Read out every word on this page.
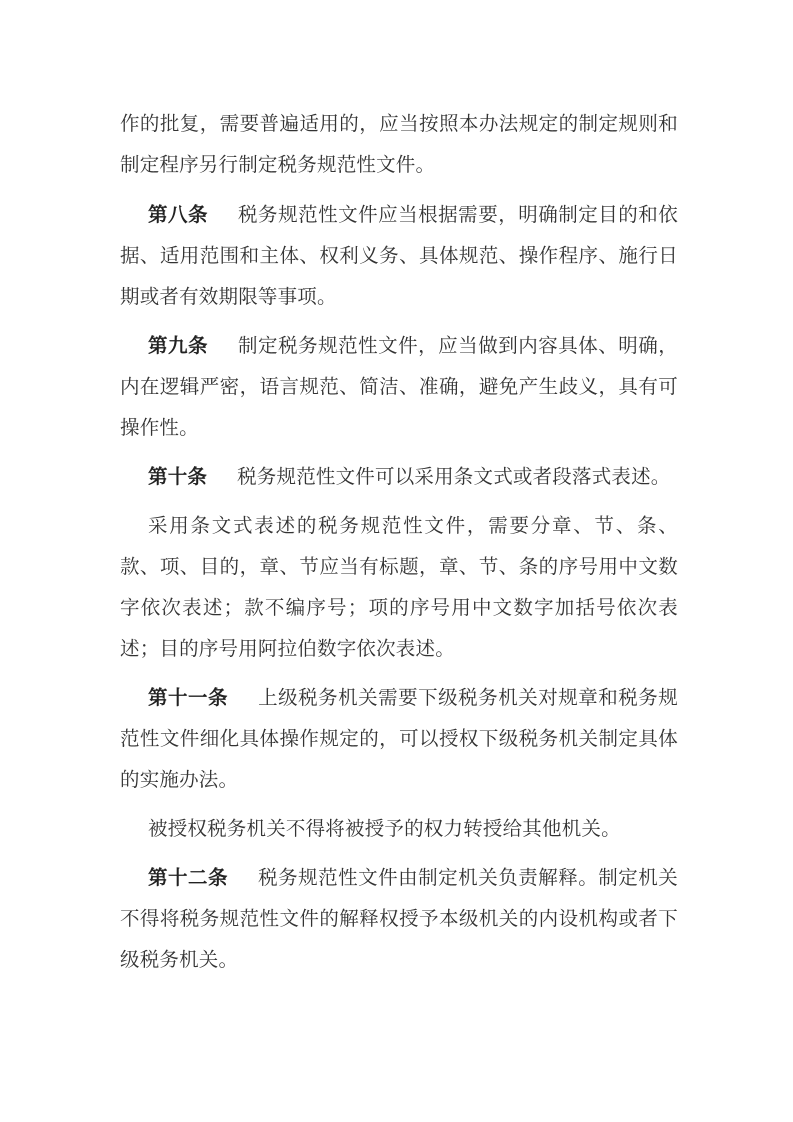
作的批复，需要普遍适用的，应当按照本办法规定的制定规则和制定程序另行制定税务规范性文件。

第八条 税务规范性文件应当根据需要，明确制定目的和依据、适用范围和主体、权利义务、具体规范、操作程序、施行日期或者有效期限等事项。

第九条 制定税务规范性文件，应当做到内容具体、明确，内在逻辑严密，语言规范、简洁、准确，避免产生歧义，具有可操作性。

第十条 税务规范性文件可以采用条文式或者段落式表述。

采用条文式表述的税务规范性文件，需要分章、节、条、款、项、目的，章、节应当有标题，章、节、条的序号用中文数字依次表述；款不编序号；项的序号用中文数字加括号依次表述；目的序号用阿拉伯数字依次表述。

第十一条 上级税务机关需要下级税务机关对规章和税务规范性文件细化具体操作规定的，可以授权下级税务机关制定具体的实施办法。

被授权税务机关不得将被授予的权力转授给其他机关。

第十二条 税务规范性文件由制定机关负责解释。制定机关不得将税务规范性文件的解释权授予本级机关的内设机构或者下级税务机关。
